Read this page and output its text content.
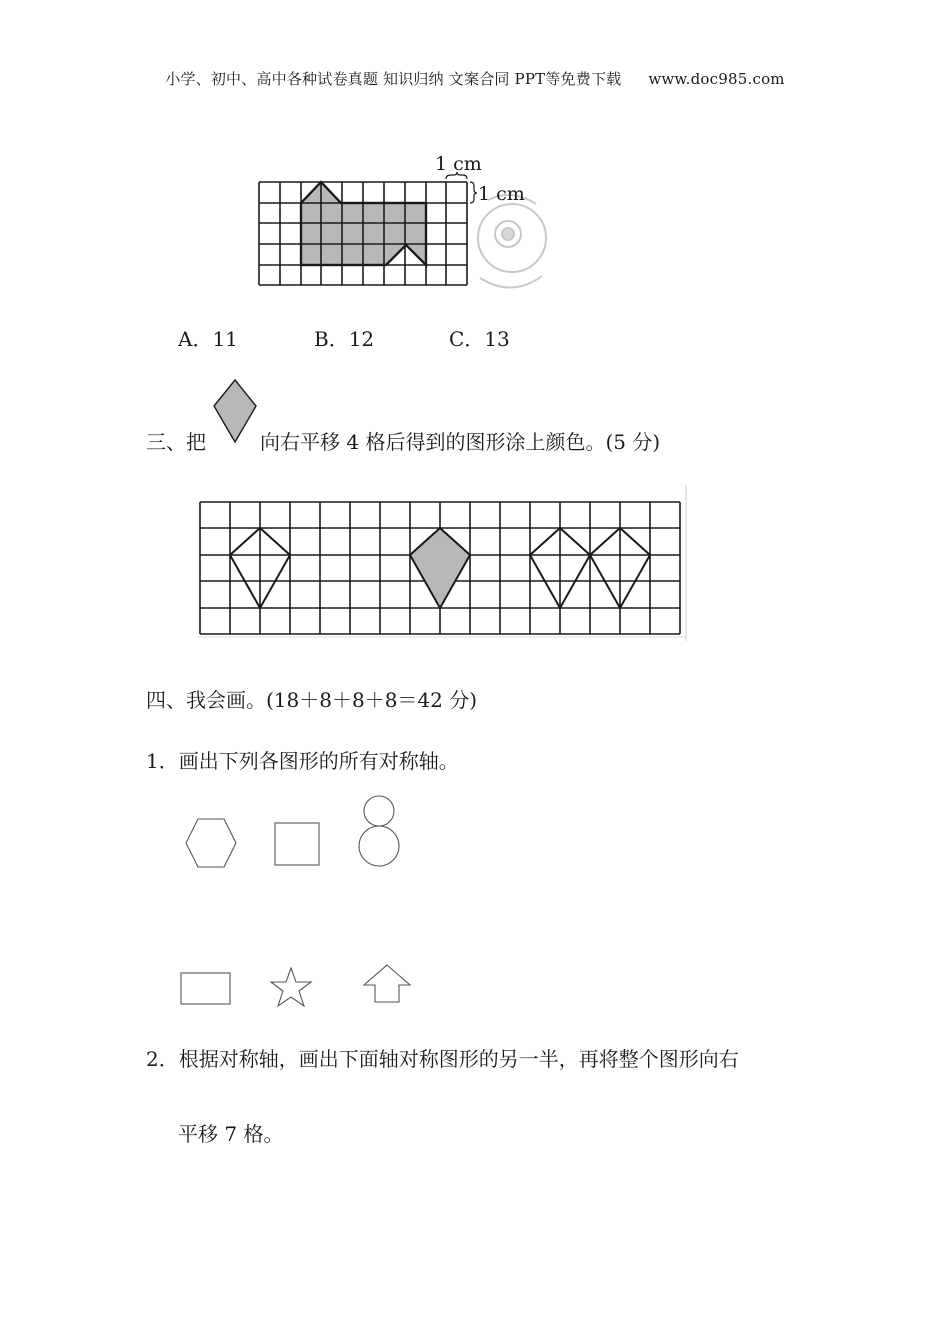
小学、初中、高中各种试卷真题 知识归纳 文案合同 PPT等免费下载 www.doc985.com
1 cm
1 cm
A．11	B．12	C．13
三、把	向右平移 4 格后得到的图形涂上颜色。(5 分)
四、我会画。(18＋8＋8＋8＝42 分)
1．画出下列各图形的所有对称轴。
2．根据对称轴，画出下面轴对称图形的另一半，再将整个图形向右
平移 7 格。
